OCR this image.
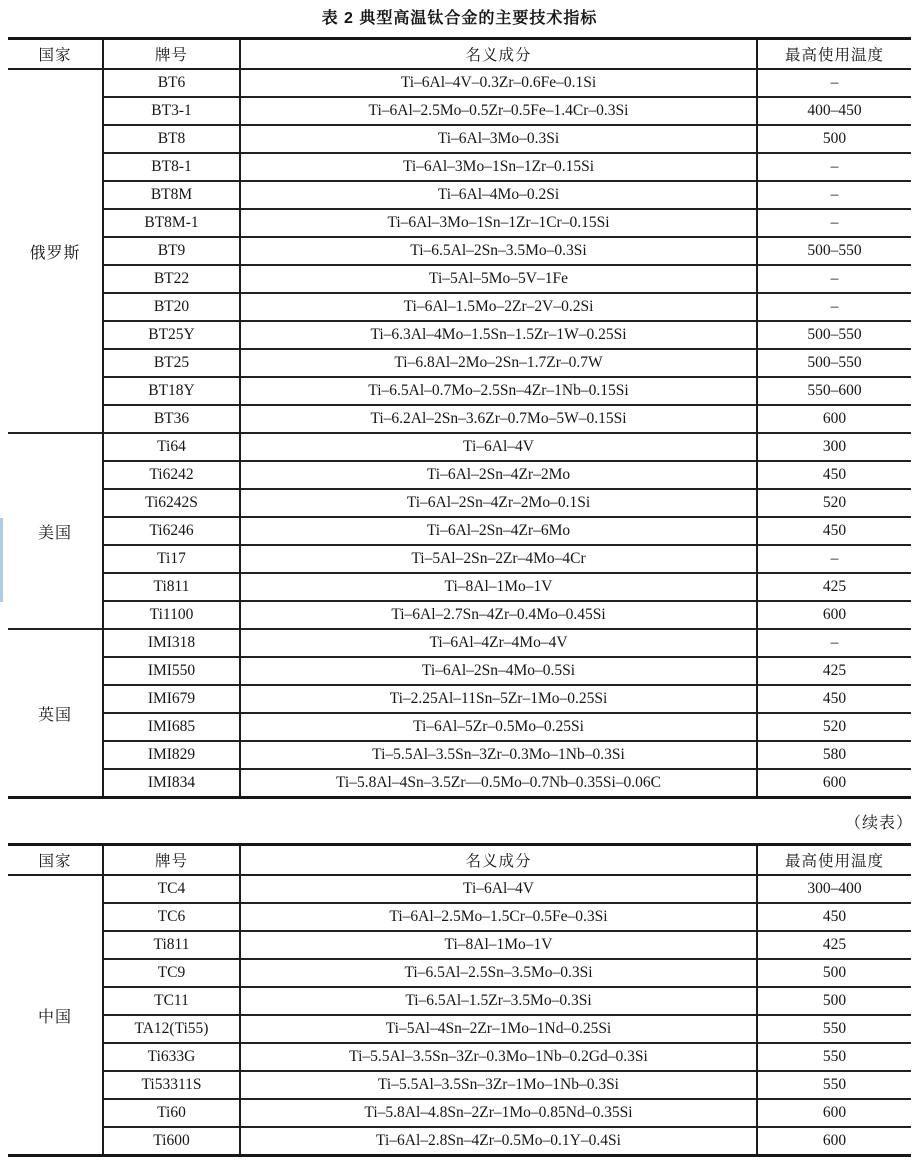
表 2 典型高温钛合金的主要技术指标
国家	牌号	名义成分	最高使用温度
俄罗斯	BT6	Ti–6Al–4V–0.3Zr–0.6Fe–0.1Si	–
	BT3-1	Ti–6Al–2.5Mo–0.5Zr–0.5Fe–1.4Cr–0.3Si	400–450
	BT8	Ti–6Al–3Mo–0.3Si	500
	BT8-1	Ti–6Al–3Mo–1Sn–1Zr–0.15Si	–
	BT8M	Ti–6Al–4Mo–0.2Si	–
	BT8M-1	Ti–6Al–3Mo–1Sn–1Zr–1Cr–0.15Si	–
	BT9	Ti–6.5Al–2Sn–3.5Mo–0.3Si	500–550
	BT22	Ti–5Al–5Mo–5V–1Fe	–
	BT20	Ti–6Al–1.5Mo–2Zr–2V–0.2Si	–
	BT25Y	Ti–6.3Al–4Mo–1.5Sn–1.5Zr–1W–0.25Si	500–550
	BT25	Ti–6.8Al–2Mo–2Sn–1.7Zr–0.7W	500–550
	BT18Y	Ti–6.5Al–0.7Mo–2.5Sn–4Zr–1Nb–0.15Si	550–600
	BT36	Ti–6.2Al–2Sn–3.6Zr–0.7Mo–5W–0.15Si	600
美国	Ti64	Ti–6Al–4V	300
	Ti6242	Ti–6Al–2Sn–4Zr–2Mo	450
	Ti6242S	Ti–6Al–2Sn–4Zr–2Mo–0.1Si	520
	Ti6246	Ti–6Al–2Sn–4Zr–6Mo	450
	Ti17	Ti–5Al–2Sn–2Zr–4Mo–4Cr	–
	Ti811	Ti–8Al–1Mo–1V	425
	Ti1100	Ti–6Al–2.7Sn–4Zr–0.4Mo–0.45Si	600
英国	IMI318	Ti–6Al–4Zr–4Mo–4V	–
	IMI550	Ti–6Al–2Sn–4Mo–0.5Si	425
	IMI679	Ti–2.25Al–11Sn–5Zr–1Mo–0.25Si	450
	IMI685	Ti–6Al–5Zr–0.5Mo–0.25Si	520
	IMI829	Ti–5.5Al–3.5Sn–3Zr–0.3Mo–1Nb–0.3Si	580
	IMI834	Ti–5.8Al–4Sn–3.5Zr––0.5Mo–0.7Nb–0.35Si–0.06C	600
（续表）
国家	牌号	名义成分	最高使用温度
中国	TC4	Ti–6Al–4V	300–400
	TC6	Ti–6Al–2.5Mo–1.5Cr–0.5Fe–0.3Si	450
	Ti811	Ti–8Al–1Mo–1V	425
	TC9	Ti–6.5Al–2.5Sn–3.5Mo–0.3Si	500
	TC11	Ti–6.5Al–1.5Zr–3.5Mo–0.3Si	500
	TA12(Ti55)	Ti–5Al–4Sn–2Zr–1Mo–1Nd–0.25Si	550
	Ti633G	Ti–5.5Al–3.5Sn–3Zr–0.3Mo–1Nb–0.2Gd–0.3Si	550
	Ti53311S	Ti–5.5Al–3.5Sn–3Zr–1Mo–1Nb–0.3Si	550
	Ti60	Ti–5.8Al–4.8Sn–2Zr–1Mo–0.85Nd–0.35Si	600
	Ti600	Ti–6Al–2.8Sn–4Zr–0.5Mo–0.1Y–0.4Si	600
